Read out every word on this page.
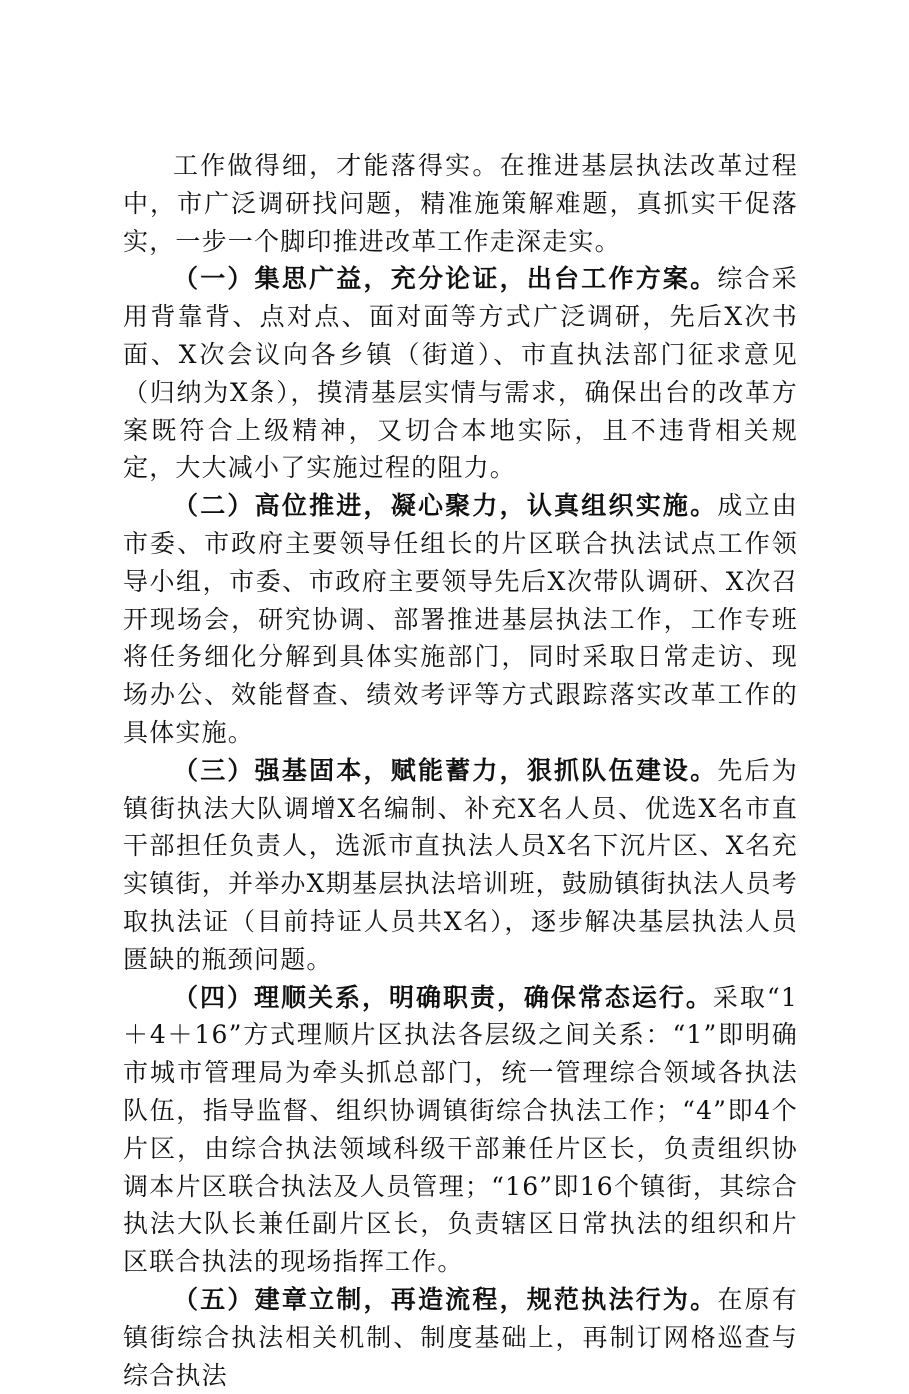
工作做得细，才能落得实。在推进基层执法改革过程中，市广泛调研找问题，精准施策解难题，真抓实干促落实，一步一个脚印推进改革工作走深走实。

（一）集思广益，充分论证，出台工作方案。综合采用背靠背、点对点、面对面等方式广泛调研，先后X次书面、X次会议向各乡镇（街道）、市直执法部门征求意见（归纳为X条），摸清基层实情与需求，确保出台的改革方案既符合上级精神，又切合本地实际，且不违背相关规定，大大减小了实施过程的阻力。

（二）高位推进，凝心聚力，认真组织实施。成立由市委、市政府主要领导任组长的片区联合执法试点工作领导小组，市委、市政府主要领导先后X次带队调研、X次召开现场会，研究协调、部署推进基层执法工作，工作专班将任务细化分解到具体实施部门，同时采取日常走访、现场办公、效能督查、绩效考评等方式跟踪落实改革工作的具体实施。

（三）强基固本，赋能蓄力，狠抓队伍建设。先后为镇街执法大队调增X名编制、补充X名人员、优选X名市直干部担任负责人，选派市直执法人员X名下沉片区、X名充实镇街，并举办X期基层执法培训班，鼓励镇街执法人员考取执法证（目前持证人员共X名），逐步解决基层执法人员匮缺的瓶颈问题。

（四）理顺关系，明确职责，确保常态运行。采取“1＋4＋16”方式理顺片区执法各层级之间关系：“1”即明确市城市管理局为牵头抓总部门，统一管理综合领域各执法队伍，指导监督、组织协调镇街综合执法工作；“4”即4个片区，由综合执法领域科级干部兼任片区长，负责组织协调本片区联合执法及人员管理；“16”即16个镇街，其综合执法大队长兼任副片区长，负责辖区日常执法的组织和片区联合执法的现场指挥工作。

（五）建章立制，再造流程，规范执法行为。在原有镇街综合执法相关机制、制度基础上，再制订网格巡查与综合执法
